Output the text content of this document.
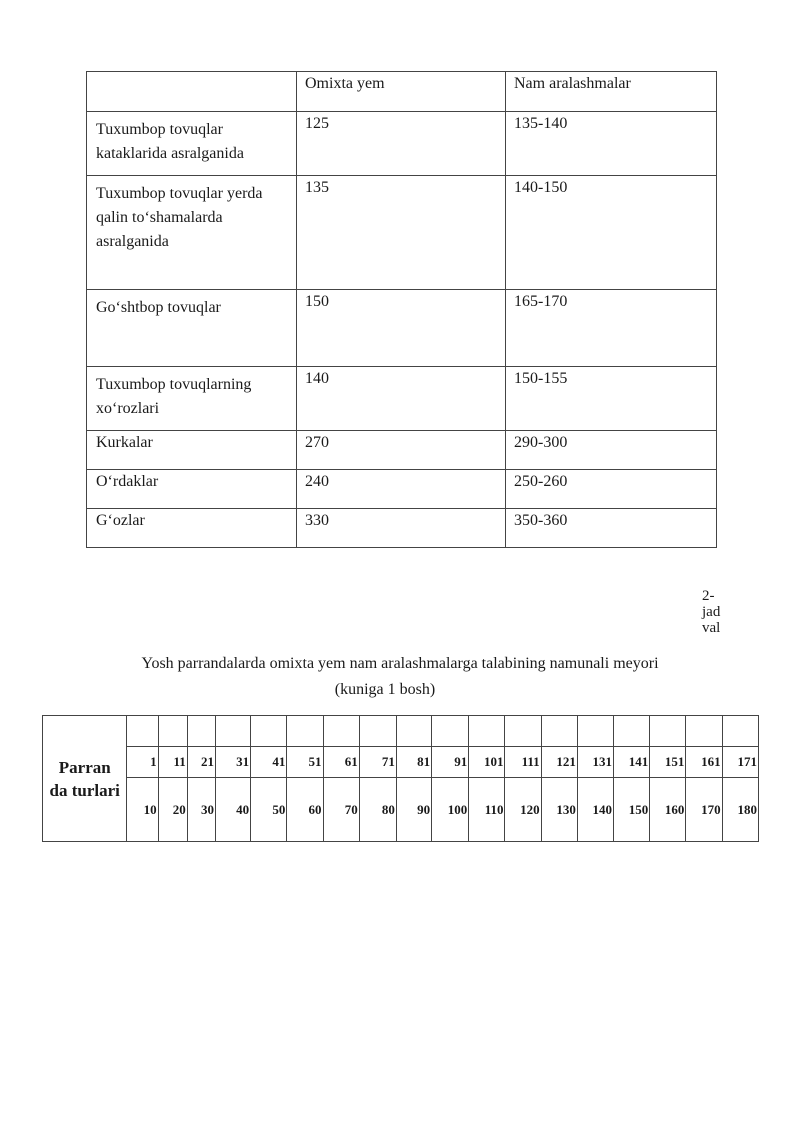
	Omixta yem	Nam aralashmalar

Tuxumbop tovuqlar
kataklarida asralganida	125	135-140

Tuxumbop tovuqlar yerda
qalin to‘shamalarda
asralganida	135	140-150

Go‘shtbop tovuqlar	150	165-170

Tuxumbop tovuqlarning
xo‘rozlari	140	150-155
Kurkalar	270	290-300
O‘rdaklar	240	250-260
G‘ozlar	330	350-360
2-
jad
val
Yosh parrandalarda omixta yem nam aralashmalarga talabining namunali meyori
(kuniga 1 bosh)
Parran
da turlari																		
	1	11	21	31	41	51	61	71	81	91	101	111	121	131	141	151	161	171
	10	20	30	40	50	60	70	80	90	100	110	120	130	140	150	160	170	180
